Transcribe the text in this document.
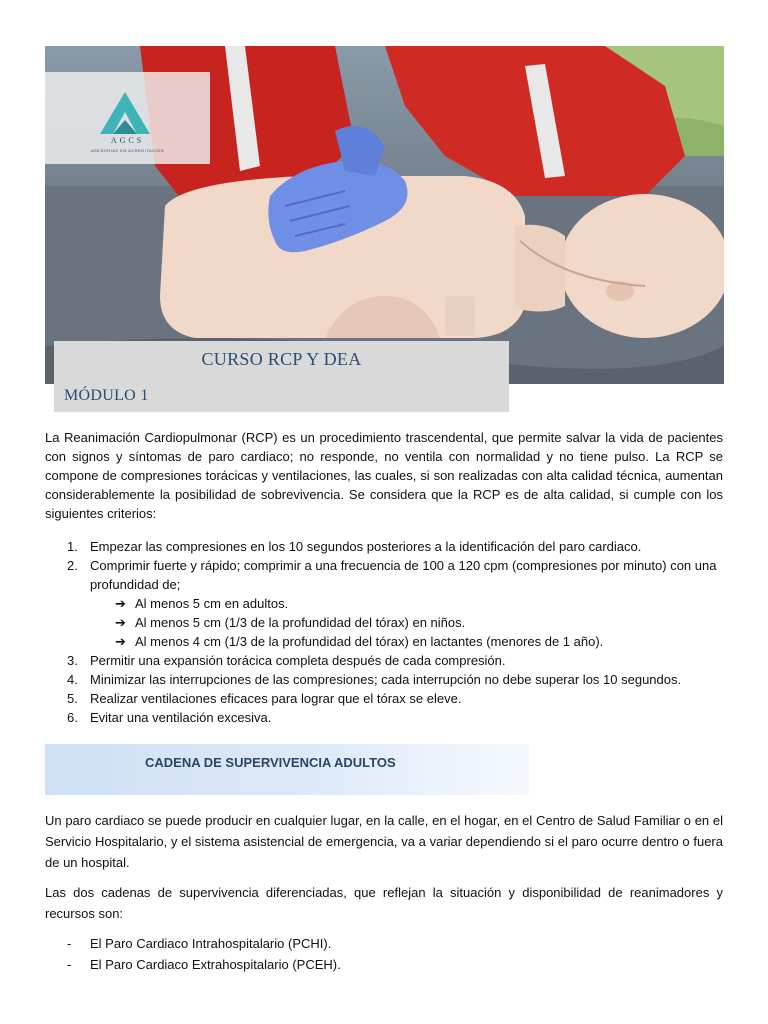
AGCS
ASESORIAS EN ACREDITACIÓN
CURSO RCP Y DEA
MÓDULO 1
La Reanimación Cardiopulmonar (RCP) es un procedimiento trascendental, que permite salvar la vida de pacientes con signos y síntomas de paro cardiaco; no responde, no ventila con normalidad y no tiene pulso. La RCP se compone de compresiones torácicas y ventilaciones, las cuales, si son realizadas con alta calidad técnica, aumentan considerablemente la posibilidad de sobrevivencia. Se considera que la RCP es de alta calidad, si cumple con los siguientes criterios:
1. Empezar las compresiones en los 10 segundos posteriores a la identificación del paro cardiaco.
2. Comprimir fuerte y rápido; comprimir a una frecuencia de 100 a 120 cpm (compresiones por minuto) con una profundidad de;
➔ Al menos 5 cm en adultos.
➔ Al menos 5 cm (1/3 de la profundidad del tórax) en niños.
➔ Al menos 4 cm (1/3 de la profundidad del tórax) en lactantes (menores de 1 año).
3. Permitir una expansión torácica completa después de cada compresión.
4. Minimizar las interrupciones de las compresiones; cada interrupción no debe superar los 10 segundos.
5. Realizar ventilaciones eficaces para lograr que el tórax se eleve.
6. Evitar una ventilación excesiva.
CADENA DE SUPERVIVENCIA ADULTOS
Un paro cardiaco se puede producir en cualquier lugar, en la calle, en el hogar, en el Centro de Salud Familiar o en el Servicio Hospitalario, y el sistema asistencial de emergencia, va a variar dependiendo si el paro ocurre dentro o fuera de un hospital.
Las dos cadenas de supervivencia diferenciadas, que reflejan la situación y disponibilidad de reanimadores y recursos son:
- El Paro Cardiaco Intrahospitalario (PCHI).
- El Paro Cardiaco Extrahospitalario (PCEH).
